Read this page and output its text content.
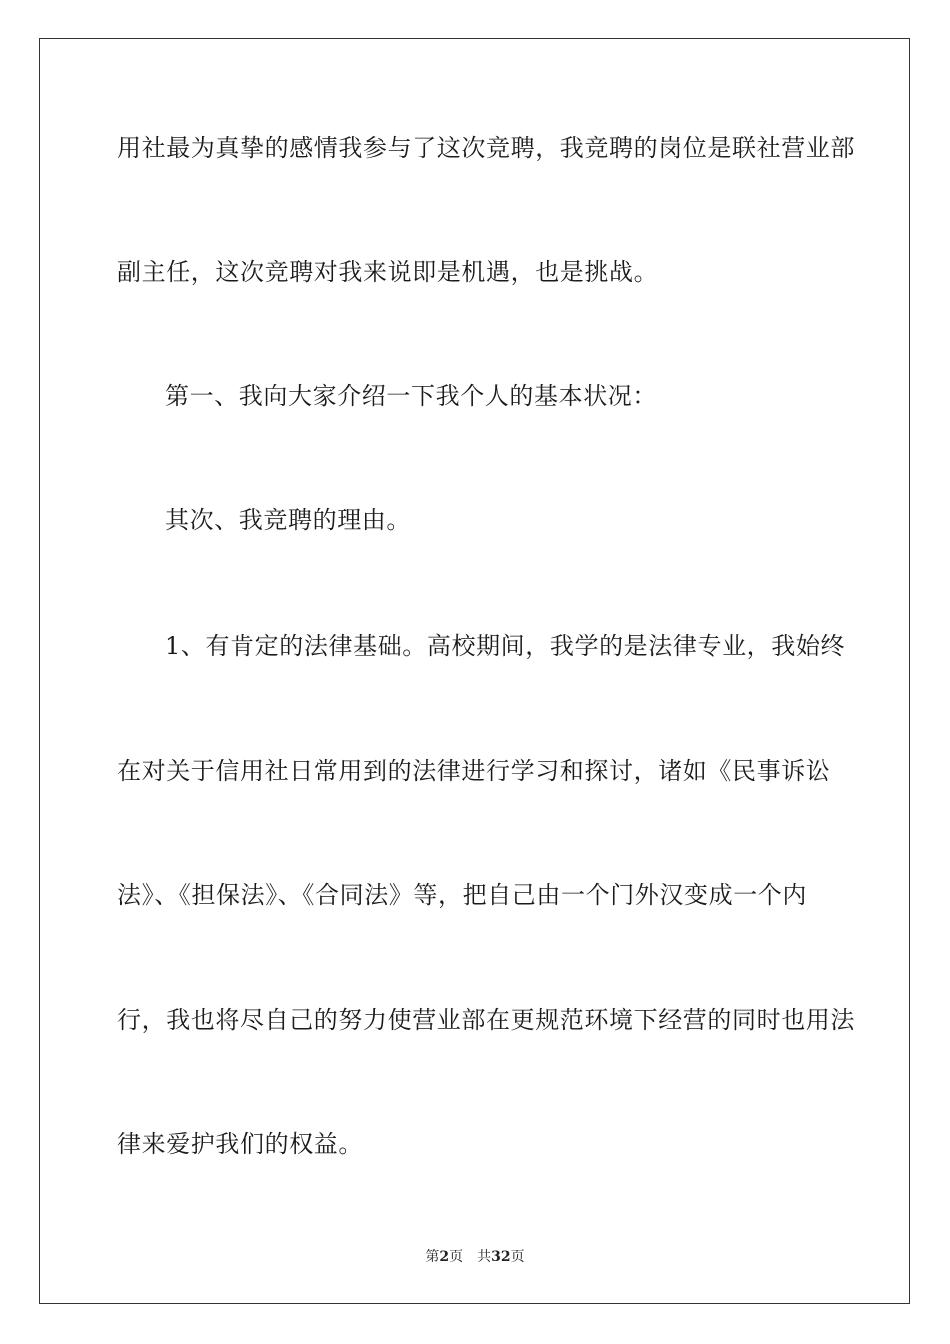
用社最为真挚的感情我参与了这次竞聘，我竞聘的岗位是联社营业部
副主任，这次竞聘对我来说即是机遇，也是挑战。
第一、我向大家介绍一下我个人的基本状况：
其次、我竞聘的理由。
1、有肯定的法律基础。高校期间，我学的是法律专业，我始终
在对关于信用社日常用到的法律进行学习和探讨，诸如《民事诉讼
法》、《担保法》、《合同法》等，把自己由一个门外汉变成一个内
行，我也将尽自己的努力使营业部在更规范环境下经营的同时也用法
律来爱护我们的权益。
第2页 共32页
